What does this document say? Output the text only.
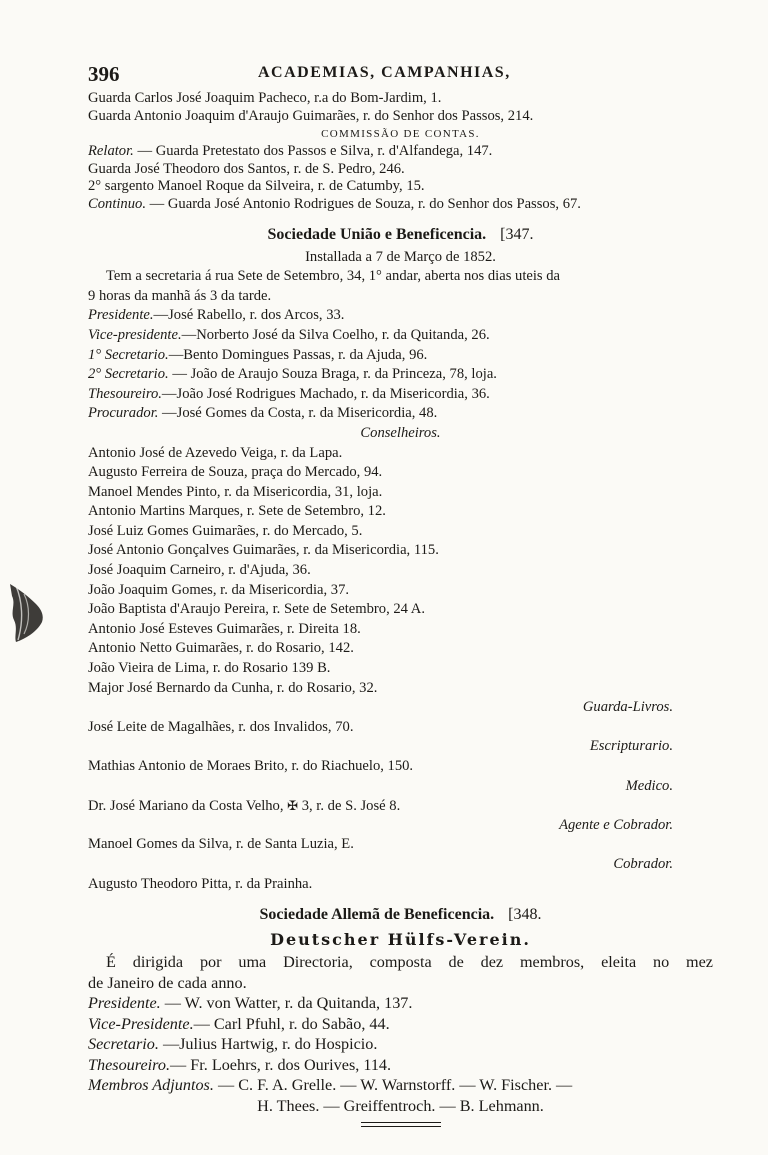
396	ACADEMIAS, CAMPANHIAS,
Guarda Carlos José Joaquim Pacheco, r.a do Bom-Jardim, 1.
Guarda Antonio Joaquim d'Araujo Guimarães, r. do Senhor dos Passos, 214.
COMMISSÃO DE CONTAS.
Relator. — Guarda Pretestato dos Passos e Silva, r. d'Alfandega, 147.
Guarda José Theodoro dos Santos, r. de S. Pedro, 246.
2° sargento Manoel Roque da Silveira, r. de Catumby, 15.
Continuo. — Guarda José Antonio Rodrigues de Souza, r. do Senhor dos Passos, 67.
Sociedade União e Beneficencia. [347.
Installada a 7 de Março de 1852.
Tem a secretaria á rua Sete de Setembro, 34, 1° andar, aberta nos dias uteis da
9 horas da manhã ás 3 da tarde.
Presidente.—José Rabello, r. dos Arcos, 33.
Vice-presidente.—Norberto José da Silva Coelho, r. da Quitanda, 26.
1° Secretario.—Bento Domingues Passas, r. da Ajuda, 96.
2° Secretario. — João de Araujo Souza Braga, r. da Princeza, 78, loja.
Thesoureiro.—João José Rodrigues Machado, r. da Misericordia, 36.
Procurador. —José Gomes da Costa, r. da Misericordia, 48.
Conselheiros.
Antonio José de Azevedo Veiga, r. da Lapa.
Augusto Ferreira de Souza, praça do Mercado, 94.
Manoel Mendes Pinto, r. da Misericordia, 31, loja.
Antonio Martins Marques, r. Sete de Setembro, 12.
José Luiz Gomes Guimarães, r. do Mercado, 5.
José Antonio Gonçalves Guimarães, r. da Misericordia, 115.
José Joaquim Carneiro, r. d'Ajuda, 36.
João Joaquim Gomes, r. da Misericordia, 37.
João Baptista d'Araujo Pereira, r. Sete de Setembro, 24 A.
Antonio José Esteves Guimarães, r. Direita 18.
Antonio Netto Guimarães, r. do Rosario, 142.
João Vieira de Lima, r. do Rosario 139 B.
Major José Bernardo da Cunha, r. do Rosario, 32.
Guarda-Livros.
José Leite de Magalhães, r. dos Invalidos, 70.
Escripturario.
Mathias Antonio de Moraes Brito, r. do Riachuelo, 150.
Medico.
Dr. José Mariano da Costa Velho, ✠ 3, r. de S. José 8.
Agente e Cobrador.
Manoel Gomes da Silva, r. de Santa Luzia, E.
Cobrador.
Augusto Theodoro Pitta, r. da Prainha.
Sociedade Allemã de Beneficencia. [348.
Deutscher Hülfs-Verein.
É dirigida por uma Directoria, composta de dez membros, eleita no mez
de Janeiro de cada anno.
Presidente. — W. von Watter, r. da Quitanda, 137.
Vice-Presidente.— Carl Pfuhl, r. do Sabão, 44.
Secretario. —Julius Hartwig, r. do Hospicio.
Thesoureiro.— Fr. Loehrs, r. dos Ourives, 114.
Membros Adjuntos. — C. F. A. Grelle. — W. Warnstorff. — W. Fischer. —
H. Thees. — Greiffentroch. — B. Lehmann.
